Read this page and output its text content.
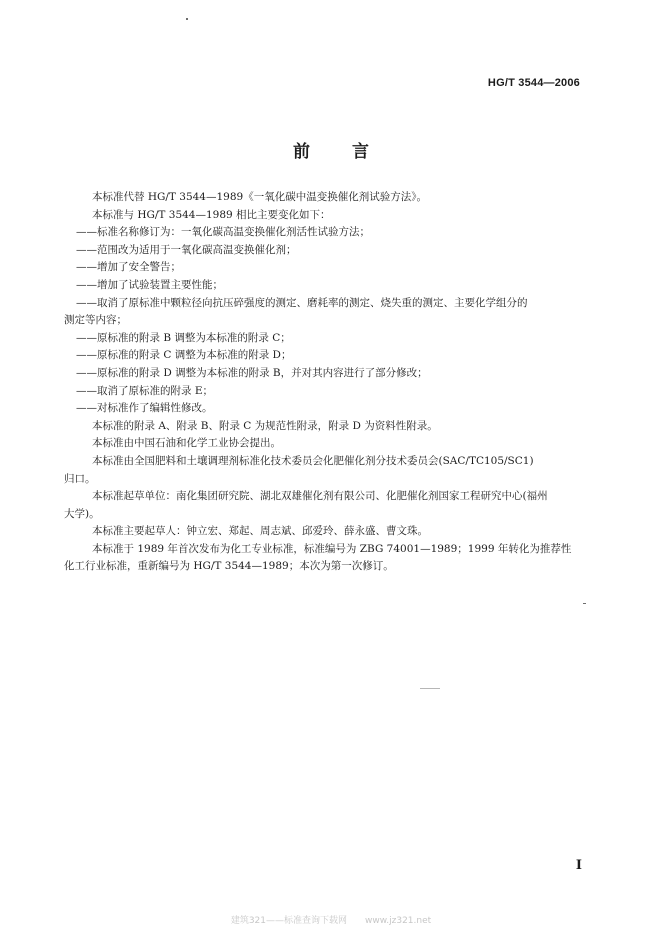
HG/T 3544—2006
前 言

本标准代替 HG/T 3544—1989《一氧化碳中温变换催化剂试验方法》。

本标准与 HG/T 3544—1989 相比主要变化如下：

——标准名称修订为：一氧化碳高温变换催化剂活性试验方法；

——范围改为适用于一氧化碳高温变换催化剂；

——增加了安全警告；

——增加了试验装置主要性能；

——取消了原标准中颗粒径向抗压碎强度的测定、磨耗率的测定、烧失重的测定、主要化学组分的

测定等内容；

——原标准的附录 B 调整为本标准的附录 C；

——原标准的附录 C 调整为本标准的附录 D；

——原标准的附录 D 调整为本标准的附录 B，并对其内容进行了部分修改；

——取消了原标准的附录 E；

——对标准作了编辑性修改。

本标准的附录 A、附录 B、附录 C 为规范性附录，附录 D 为资料性附录。

本标准由中国石油和化学工业协会提出。

本标准由全国肥料和土壤调理剂标准化技术委员会化肥催化剂分技术委员会(SAC/TC105/SC1)

归口。

本标准起草单位：南化集团研究院、湖北双雄催化剂有限公司、化肥催化剂国家工程研究中心(福州

大学)。

本标准主要起草人：钟立宏、郑起、周志斌、邱爱玲、薛永盛、曹文珠。

本标准于 1989 年首次发布为化工专业标准，标准编号为 ZBG 74001—1989；1999 年转化为推荐性

化工行业标准，重新编号为 HG/T 3544—1989；本次为第一次修订。

I
建筑321——标准查询下载网　　www.jz321.net
